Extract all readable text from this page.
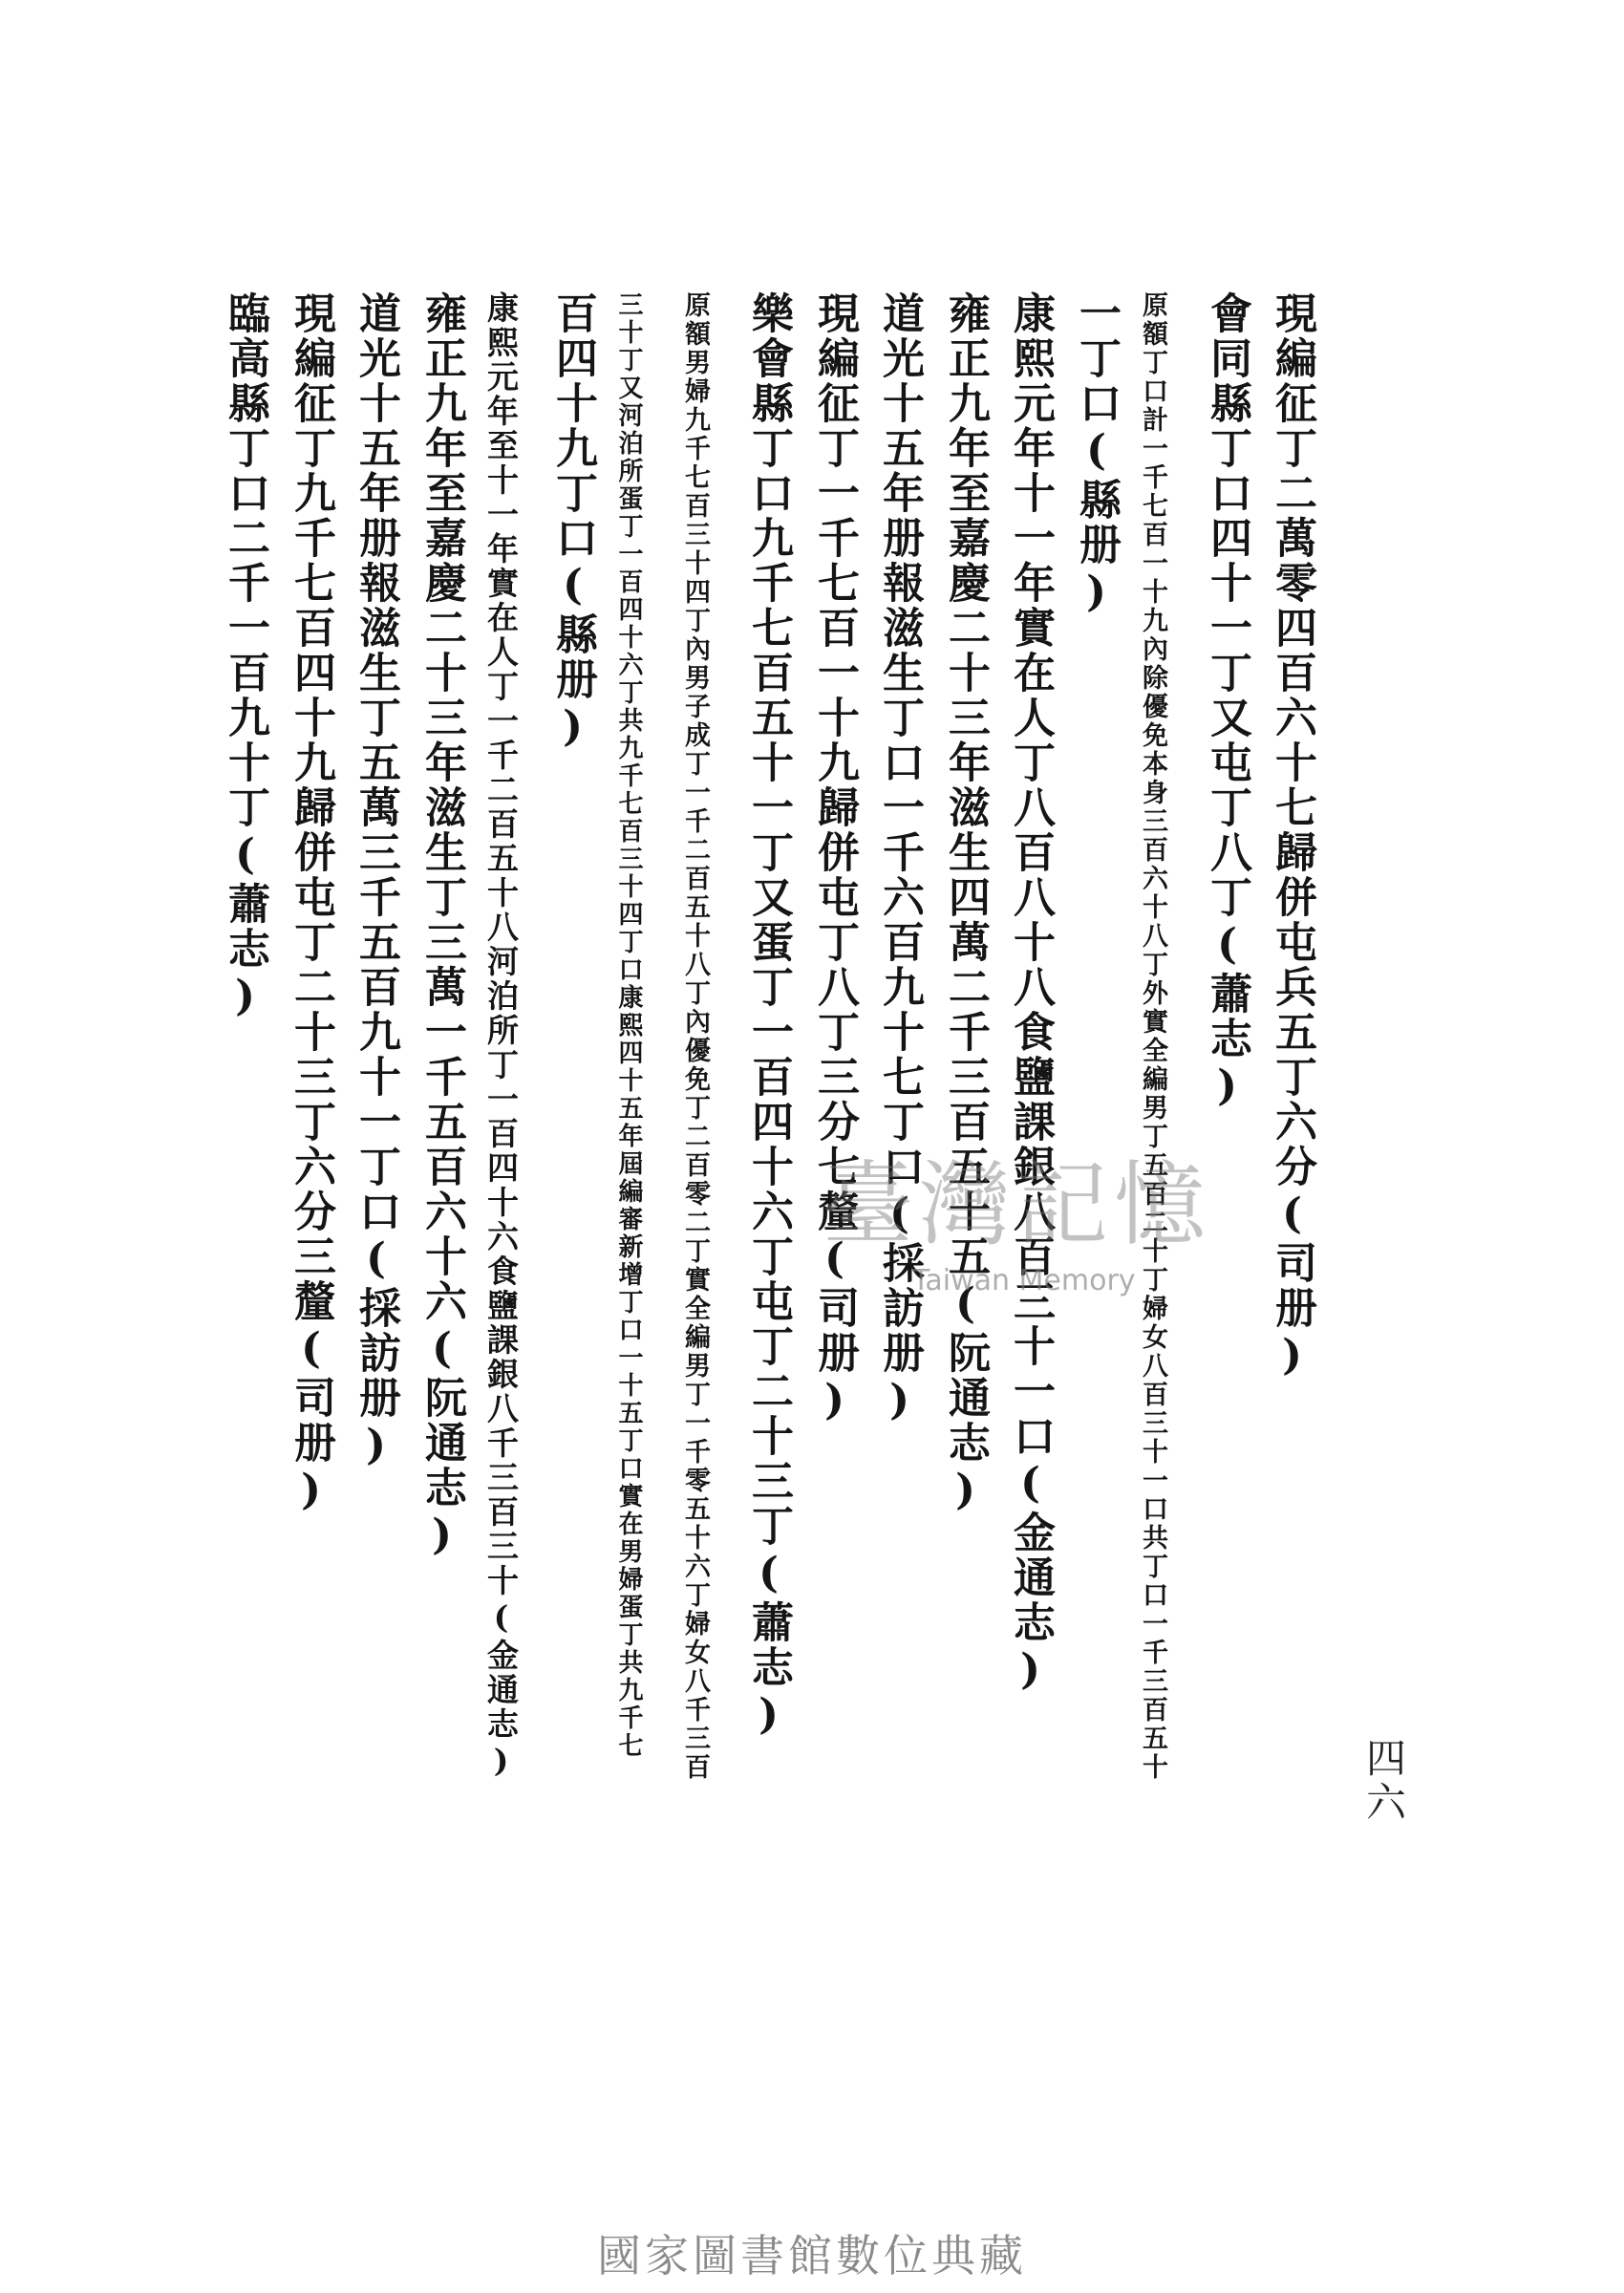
四六
現編征丁二萬零四百六十七歸併屯兵五丁六分(司册)
會同縣丁口四十一丁又屯丁八丁(蕭志)
原額丁口計一千七百一十九內除優免本身三百六十八丁外實全編男丁五百二十丁婦女八百三十一口共丁口一千三百五十
一丁口(縣册)
康熙元年十一年實在人丁八百八十八食鹽課銀八百三十一口(金通志)
雍正九年至嘉慶二十三年滋生四萬二千三百五十五(阮通志)
道光十五年册報滋生丁口一千六百九十七丁口(採訪册)
現編征丁一千七百一十九歸併屯丁八丁三分七釐(司册)
樂會縣丁口九千七百五十一丁又蛋丁一百四十六丁屯丁二十三丁(蕭志)
原額男婦九千七百三十四丁內男子成丁一千二百五十八丁內優免丁二百零二丁實全編男丁一千零五十六丁婦女八千三百
三十丁又河泊所蛋丁一百四十六丁共九千七百三十四丁口康熙四十五年屆編審新增丁口一十五丁口實在男婦蛋丁共九千七
百四十九丁口(縣册)
康熙元年至十一年實在人丁一千二百五十八河泊所丁一百四十六食鹽課銀八千三百三十(金通志)
雍正九年至嘉慶二十三年滋生丁三萬一千五百六十六(阮通志)
道光十五年册報滋生丁五萬三千五百九十一丁口(採訪册)
現編征丁九千七百四十九歸併屯丁二十三丁六分三釐(司册)
臨高縣丁口二千一百九十丁(蕭志)
臺灣記憶
Taiwan Memory
國家圖書館數位典藏
